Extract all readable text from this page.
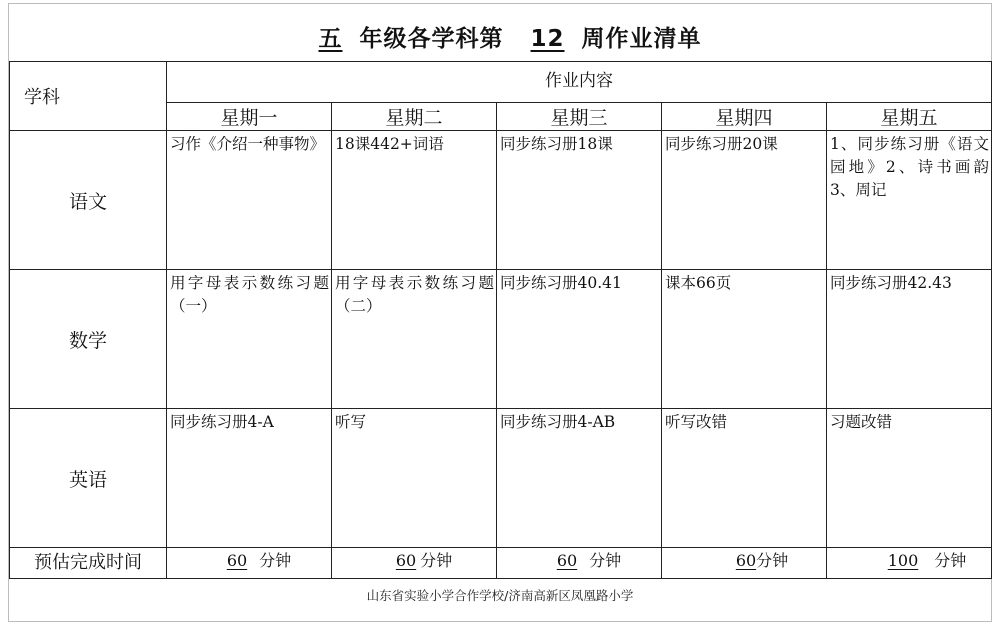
五 年级各学科第 12 周作业清单
学科	作业内容				
	星期一	星期二	星期三	星期四	星期五
语文	习作《介绍一种事物》	18课442+词语	同步练习册18课	同步练习册20课	1、同步练习册《语文园地》2、诗书画韵3、周记
数学	用字母表示数练习题（一）	用字母表示数练习题（二）	同步练习册40.41	课本66页	同步练习册42.43
英语	同步练习册4-A	听写	同步练习册4-AB	听写改错	习题改错
预估完成时间	60 分钟	60 分钟	60 分钟	60分钟	100 分钟
山东省实验小学合作学校/济南高新区凤凰路小学
